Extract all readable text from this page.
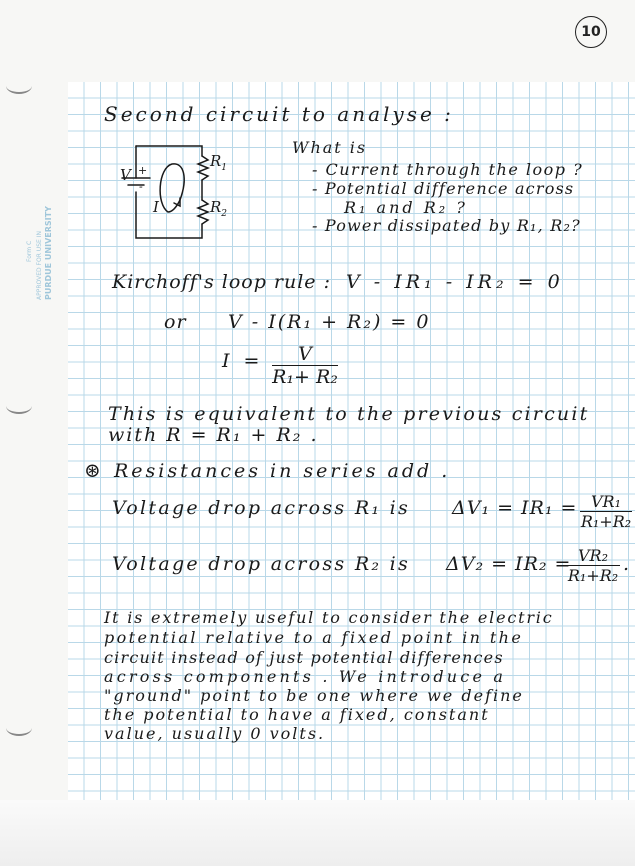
Form C APPROVED FOR USE IN PURDUE UNIVERSITY
10
Second circuit to analyse :
V +
-
I
$R_1$
$R_2$
What is
- Current through the loop ?
- Potential difference across
R₁ and R₂ ?
- Power dissipated by R₁, R₂?
Kirchoff's loop rule : V - IR₁ - IR₂ = 0
or V - I(R₁ + R₂) = 0
$I = \frac{V}{\text{R₁+ R₂}}$
This is equivalent to the previous circuit
with R = R₁ + R₂ .
⊛ Resistances in series add .
Voltage drop across R₁ is $\Delta V_1 = IR_1 = \frac{\text{VR₁}}{\text{R₁+R₂}}$
Voltage drop across R₂ is ΔV₂ = IR₂ =
$\frac{\text{VR₂}}{\text{R₁+R₂}}$ .
It is extremely useful to consider the electric
potential relative to a fixed point in the
circuit instead of just potential differences
across components . We introduce a
"ground" point to be one where we define
the potential to have a fixed, constant
value, usually 0 volts.
